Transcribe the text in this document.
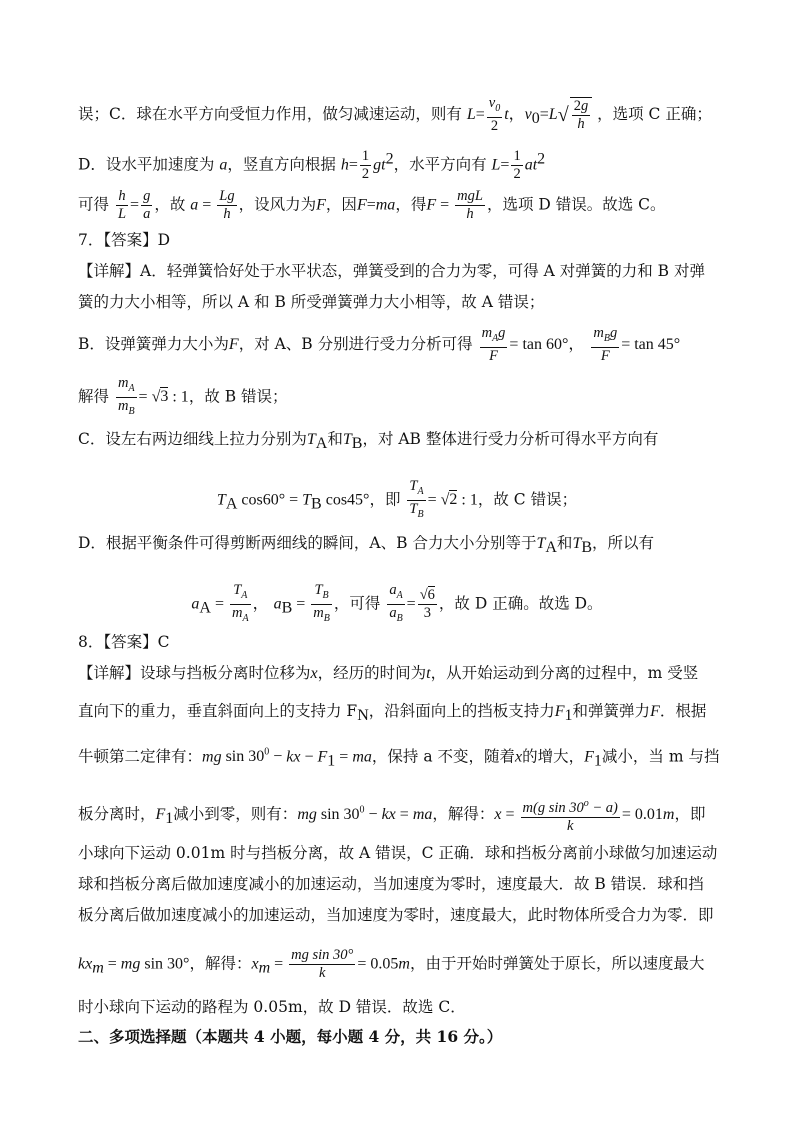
误；C．球在水平方向受恒力作用，做匀减速运动，则有 $L= \frac{v_0}{2}$ t，$v_0=L√ \frac{2g}{h}$ ，选项 C 正确；
D．设水平加速度为 a，竖直方向根据 $h= \frac{1}{2} gt^2$，水平方向有 $L= \frac{1}{2} at^2$
可得 $\frac{h}{L} = \frac{g}{a}$ ，故 $a = \frac{Lg}{h}$ ，设风力为F，因F=ma，得$F = \frac{\text{mgL}}{h}$ ，选项 D 错误。故选 C。
7．【答案】D
【详解】A．轻弹簧恰好处于水平状态，弹簧受到的合力为零，可得 A 对弹簧的力和 B 对弹
簧的力大小相等，所以 A 和 B 所受弹簧弹力大小相等，故 A 错误；
B．设弹簧弹力大小为F，对 A、B 分别进行受力分析可得 $\frac{m_Ag}{F} = \tan 60^\circ$， $\frac{m_Bg}{F} = \tan 45^\circ$
解得 $\frac{m_A}{m_B} = √3$ : 1，故 B 错误；
C．设左右两边细线上拉力分别为$T_A$和$T_B$，对 AB 整体进行受力分析可得水平方向有
$T_A$ $\cos 60^\circ = T_B$ cos45°，即 $\frac{T_A}{T_B} = √2$ : 1，故 C 错误；
D．根据平衡条件可得剪断两细线的瞬间，A、B 合力大小分别等于$T_A$和$T_B$，所以有
$a_A = \frac{T_A}{m_A}$ ， $a_B = \frac{T_B}{m_B}$ ，可得 $\frac{a_A}{a_B} = \frac{√6}{3}$ ，故 D 正确。故选 D。
8．【答案】C
【详解】设球与挡板分离时位移为x，经历的时间为t，从开始运动到分离的过程中，m 受竖
直向下的重力，垂直斜面向上的支持力 $F_N$，沿斜面向上的挡板支持力$F_1$和弹簧弹力F．根据
牛顿第二定律有：mg $\sin 30^0$ − kx − $F_1$ = ma，保持 a 不变，随着x的增大，$F_1$减小，当 m 与挡
板分离时，$F_1$减小到零，则有：mg $\sin 30^0$ − kx = ma，解得：$x = \frac{m(g \sin 30^o - a)}{k} = 0.01m$，即
小球向下运动 0.01m 时与挡板分离，故 A 错误，C 正确．球和挡板分离前小球做匀加速运动
球和挡板分离后做加速度减小的加速运动，当加速度为零时，速度最大．故 B 错误．球和挡
板分离后做加速度减小的加速运动，当加速度为零时，速度最大，此时物体所受合力为零．即
$kx_m$ = mg sin 30°，解得：$x_m = \frac{\text{mg sin 30°}}{k} = 0.05m$，由于开始时弹簧处于原长，所以速度最大
时小球向下运动的路程为 0.05m，故 D 错误．故选 C．
二、多项选择题（本题共 4 小题，每小题 4 分，共 16 分。）
